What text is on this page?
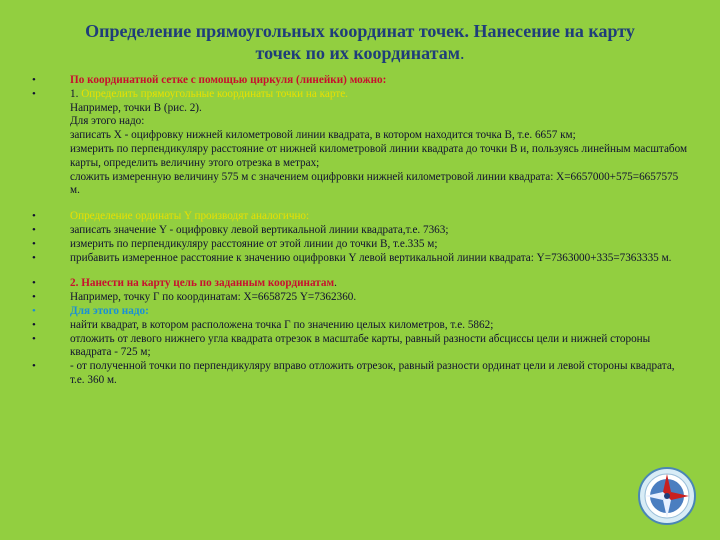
Определение прямоугольных координат точек. Нанесение на карту
точек по их координатам.
•	По координатной сетке с помощью циркуля (линейки) можно:
•	1. Определить прямоугольные координаты точки на карте.
Например, точки В (рис. 2).
Для этого надо:
записать Х - оцифровку нижней километровой линии квадрата, в котором находится точка В, т.е. 6657 км;
измерить по перпендикуляру расстояние от нижней километровой линии квадрата до точки В и, пользуясь линейным масштабом карты, определить величину этого отрезка в метрах;
сложить измеренную величину 575 м с значением оцифровки нижней километровой линии квадрата: Х=6657000+575=6657575 м.
•	Определение ординаты Y производят аналогично:
•	записать значение Y - оцифровку левой вертикальной линии квадрата,т.е. 7363;
•	измерить по перпендикуляру расстояние от этой линии до точки В, т.е.335 м;
•	прибавить измеренное расстояние к значению оцифровки Y левой вертикальной линии квадрата: Y=7363000+335=7363335 м.
•	2. Нанести на карту цель по заданным координатам.
•	Например, точку Г по координатам: Х=6658725 Y=7362360.
•	Для этого надо:
•	найти квадрат, в котором расположена точка Г по значению целых километров, т.е. 5862;
•	отложить от левого нижнего угла квадрата отрезок в масштабе карты, равный разности абсциссы цели и нижней стороны квадрата - 725 м;
•	- от полученной точки по перпендикуляру вправо отложить отрезок, равный разности ординат цели и левой стороны квадрата, т.е. 360 м.
